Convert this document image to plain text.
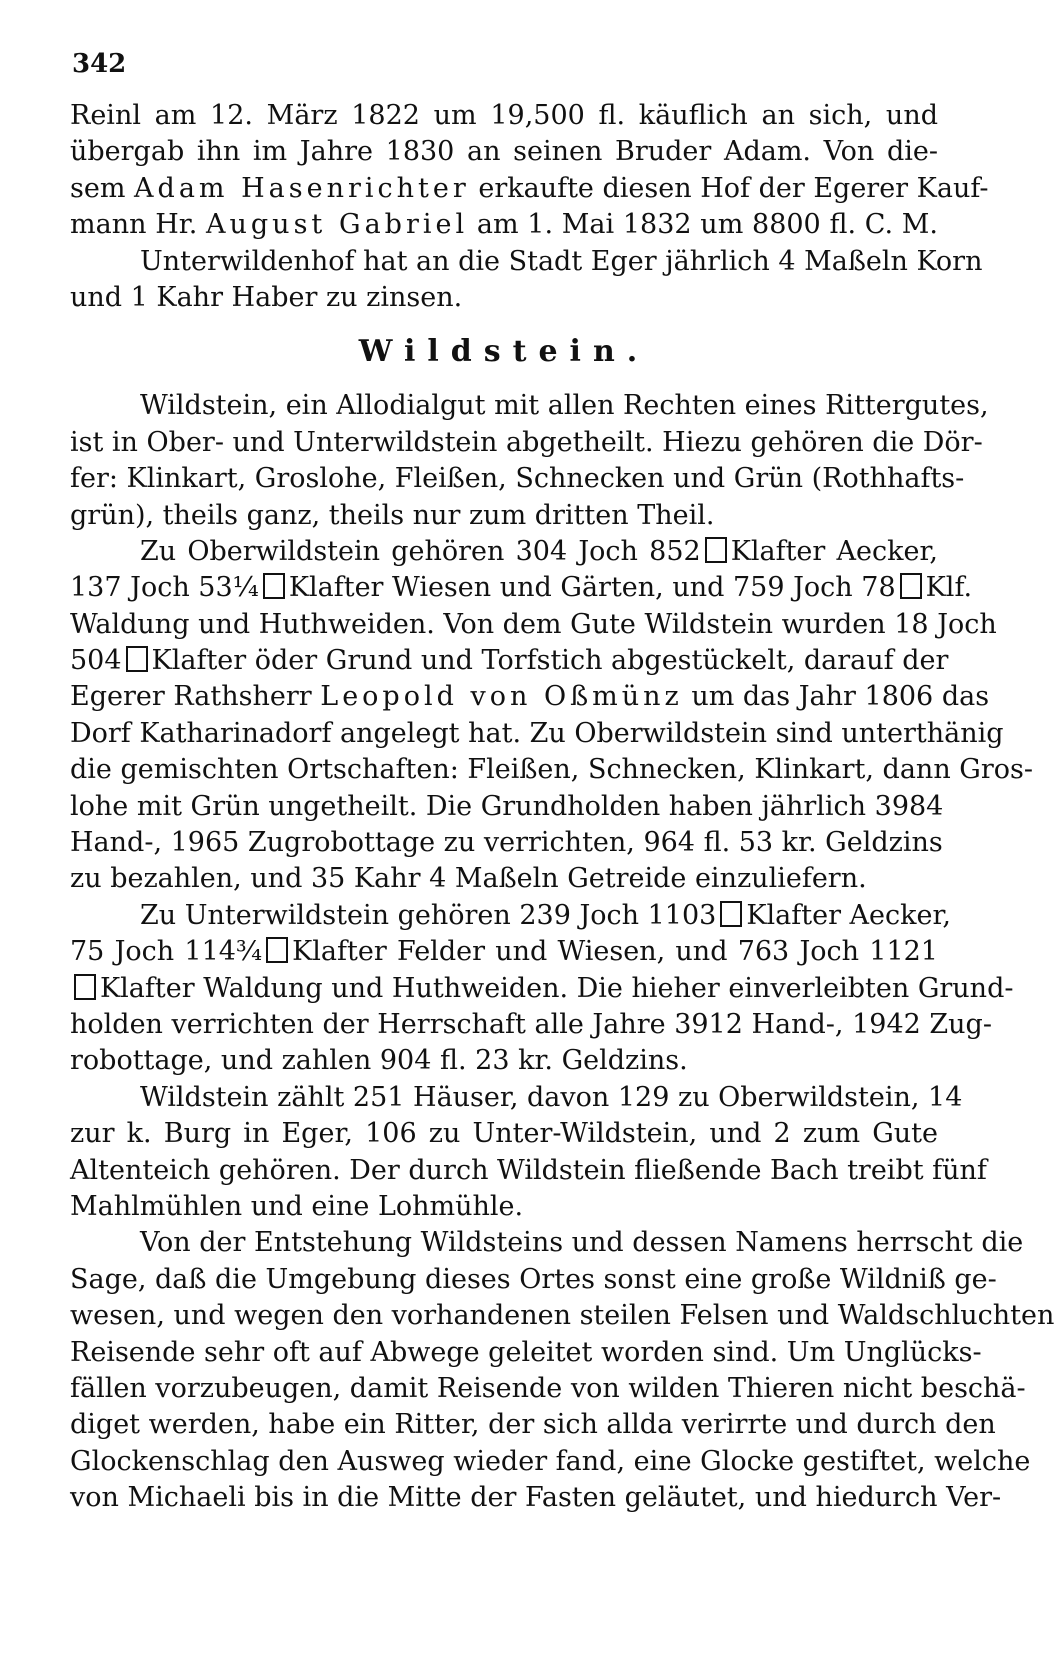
342
Reinl am 12. März 1822 um 19,500 fl. käuflich an sich, und
übergab ihn im Jahre 1830 an seinen Bruder Adam. Von die-
sem Adam Hasenrichter erkaufte diesen Hof der Egerer Kauf-
mann Hr. August Gabriel am 1. Mai 1832 um 8800 fl. C. M.
Unterwildenhof hat an die Stadt Eger jährlich 4 Maßeln Korn
und 1 Kahr Haber zu zinsen.
Wildstein.
Wildstein, ein Allodialgut mit allen Rechten eines Rittergutes,
ist in Ober- und Unterwildstein abgetheilt. Hiezu gehören die Dör-
fer: Klinkart, Groslohe, Fleißen, Schnecken und Grün (Rothhafts-
grün), theils ganz, theils nur zum dritten Theil.
Zu Oberwildstein gehören 304 Joch 852 Klafter Aecker,
137 Joch 53¼ Klafter Wiesen und Gärten, und 759 Joch 78 Klf.
Waldung und Huthweiden. Von dem Gute Wildstein wurden 18 Joch
504 Klafter öder Grund und Torfstich abgestückelt, darauf der
Egerer Rathsherr Leopold von Oßmünz um das Jahr 1806 das
Dorf Katharinadorf angelegt hat. Zu Oberwildstein sind unterthänig
die gemischten Ortschaften: Fleißen, Schnecken, Klinkart, dann Gros-
lohe mit Grün ungetheilt. Die Grundholden haben jährlich 3984
Hand-, 1965 Zugrobottage zu verrichten, 964 fl. 53 kr. Geldzins
zu bezahlen, und 35 Kahr 4 Maßeln Getreide einzuliefern.
Zu Unterwildstein gehören 239 Joch 1103 Klafter Aecker,
75 Joch 114¾ Klafter Felder und Wiesen, und 763 Joch 1121
Klafter Waldung und Huthweiden. Die hieher einverleibten Grund-
holden verrichten der Herrschaft alle Jahre 3912 Hand-, 1942 Zug-
robottage, und zahlen 904 fl. 23 kr. Geldzins.
Wildstein zählt 251 Häuser, davon 129 zu Oberwildstein, 14
zur k. Burg in Eger, 106 zu Unter-Wildstein, und 2 zum Gute
Altenteich gehören. Der durch Wildstein fließende Bach treibt fünf
Mahlmühlen und eine Lohmühle.
Von der Entstehung Wildsteins und dessen Namens herrscht die
Sage, daß die Umgebung dieses Ortes sonst eine große Wildniß ge-
wesen, und wegen den vorhandenen steilen Felsen und Waldschluchten
Reisende sehr oft auf Abwege geleitet worden sind. Um Unglücks-
fällen vorzubeugen, damit Reisende von wilden Thieren nicht beschä-
diget werden, habe ein Ritter, der sich allda verirrte und durch den
Glockenschlag den Ausweg wieder fand, eine Glocke gestiftet, welche
von Michaeli bis in die Mitte der Fasten geläutet, und hiedurch Ver-
